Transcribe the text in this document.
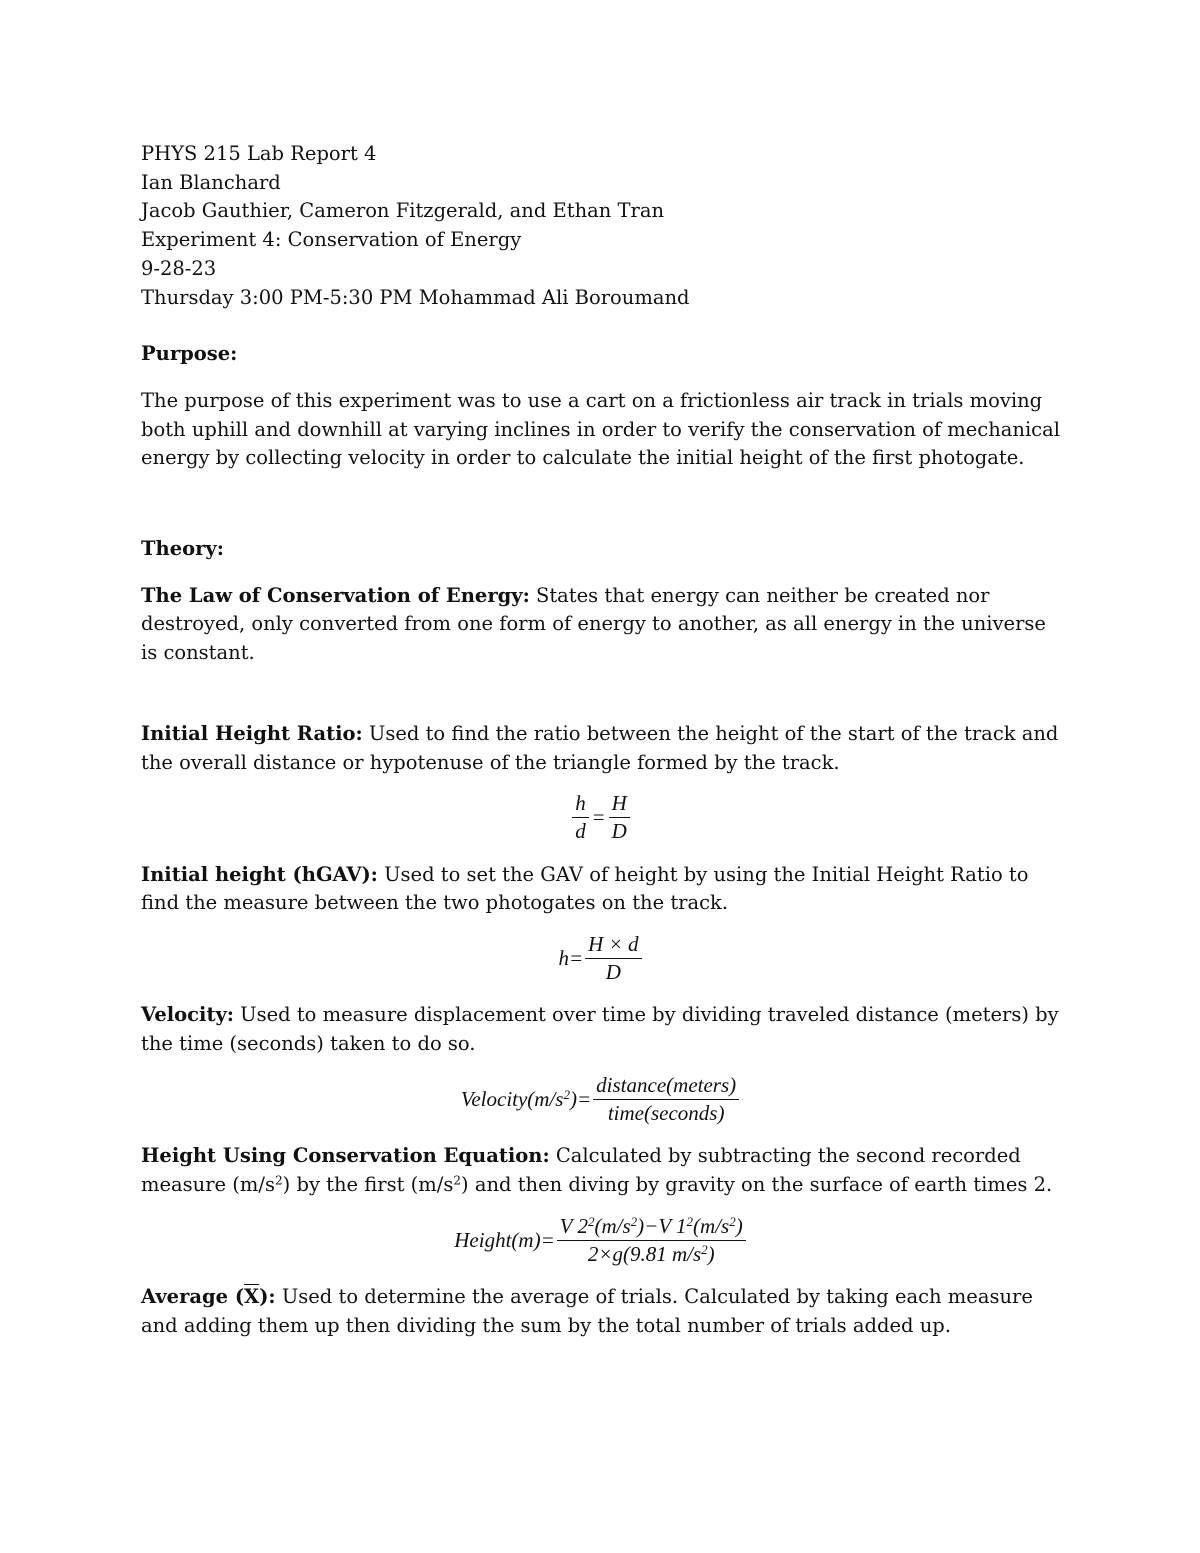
PHYS 215 Lab Report 4
Ian Blanchard
Jacob Gauthier, Cameron Fitzgerald, and Ethan Tran
Experiment 4: Conservation of Energy
9-28-23
Thursday 3:00 PM-5:30 PM Mohammad Ali Boroumand
Purpose:
The purpose of this experiment was to use a cart on a frictionless air track in trials moving both uphill and downhill at varying inclines in order to verify the conservation of mechanical energy by collecting velocity in order to calculate the initial height of the first photogate.
Theory:
The Law of Conservation of Energy: States that energy can neither be created nor destroyed, only converted from one form of energy to another, as all energy in the universe is constant.
Initial Height Ratio: Used to find the ratio between the height of the start of the track and the overall distance or hypotenuse of the triangle formed by the track.
$\frac{h}{d} = \frac{H}{D}$
Initial height (hGAV): Used to set the GAV of height by using the Initial Height Ratio to find the measure between the two photogates on the track.
$h= \frac{H \times d}{D}$
Velocity: Used to measure displacement over time by dividing traveled distance (meters) by the time (seconds) taken to do so.
$Velocity(m/s^2)= \frac{\text{distance(meters)}}{\text{time(seconds)}}$
Height Using Conservation Equation: Calculated by subtracting the second recorded measure $(m/s^2)$ by the first $(m/s^2)$ and then diving by gravity on the surface of earth times 2.
Height(m)= $\frac{V 2^2(m/s^2)-V 1^2(m/s^2)}{2\times g(9.81 m/s^2)}$
Average $(\overline{X})$: Used to determine the average of trials. Calculated by taking each measure and adding them up then dividing the sum by the total number of trials added up.
